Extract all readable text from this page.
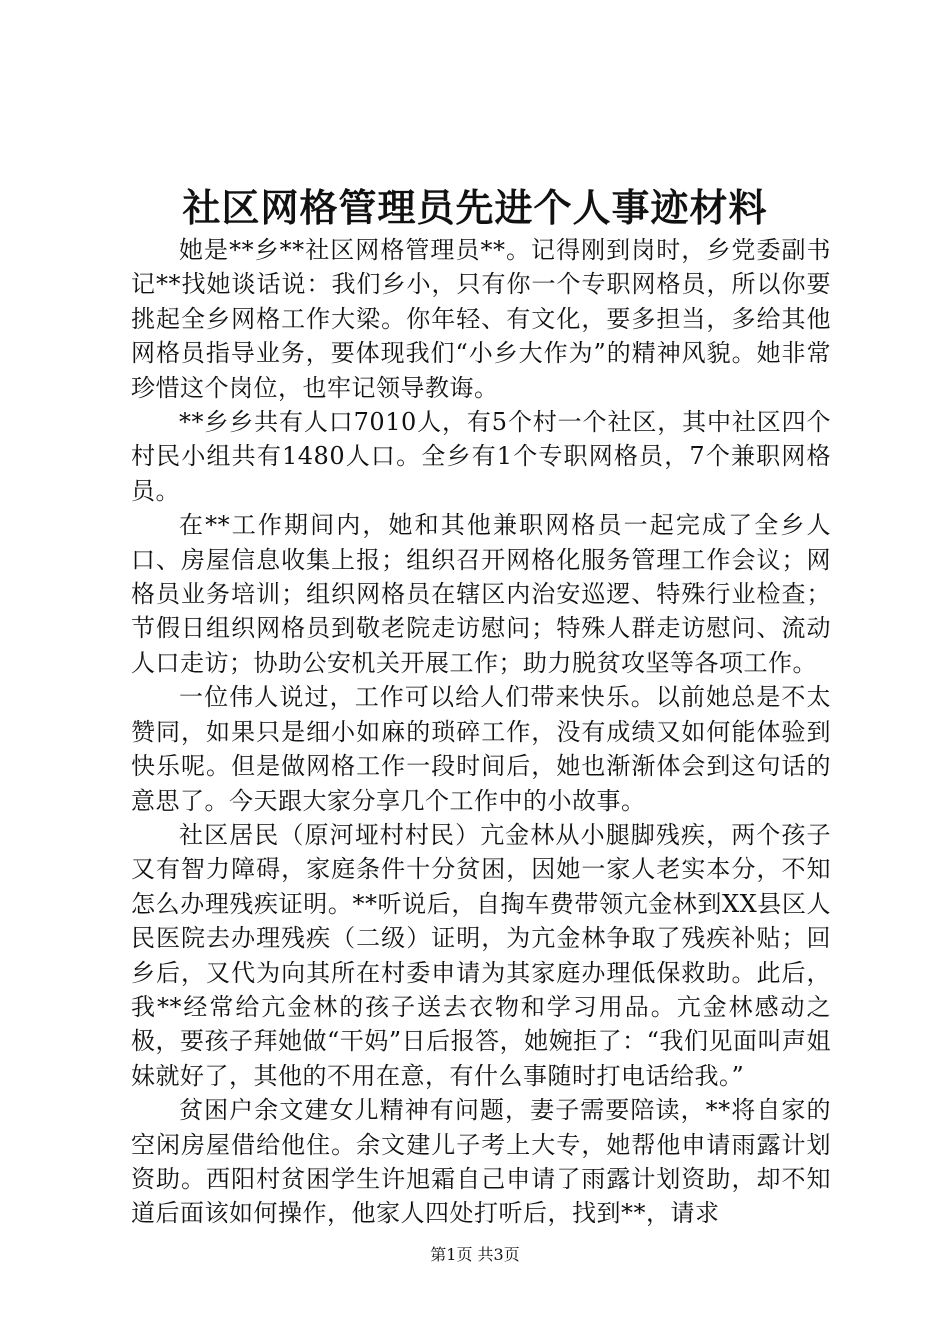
社区网格管理员先进个人事迹材料

她是**乡**社区网格管理员**。记得刚到岗时，乡党委副书记**找她谈话说：我们乡小，只有你一个专职网格员，所以你要挑起全乡网格工作大梁。你年轻、有文化，要多担当，多给其他网格员指导业务，要体现我们“小乡大作为”的精神风貌。她非常珍惜这个岗位，也牢记领导教诲。

**乡乡共有人口7010人，有5个村一个社区，其中社区四个村民小组共有1480人口。全乡有1个专职网格员，7个兼职网格员。

在**工作期间内，她和其他兼职网格员一起完成了全乡人口、房屋信息收集上报；组织召开网格化服务管理工作会议；网格员业务培训；组织网格员在辖区内治安巡逻、特殊行业检查；节假日组织网格员到敬老院走访慰问；特殊人群走访慰问、流动人口走访；协助公安机关开展工作；助力脱贫攻坚等各项工作。

一位伟人说过，工作可以给人们带来快乐。以前她总是不太赞同，如果只是细小如麻的琐碎工作，没有成绩又如何能体验到快乐呢。但是做网格工作一段时间后，她也渐渐体会到这句话的意思了。今天跟大家分享几个工作中的小故事。

社区居民（原河垭村村民）亢金林从小腿脚残疾，两个孩子又有智力障碍，家庭条件十分贫困，因她一家人老实本分，不知怎么办理残疾证明。**听说后，自掏车费带领亢金林到XX县区人民医院去办理残疾（二级）证明，为亢金林争取了残疾补贴；回乡后，又代为向其所在村委申请为其家庭办理低保救助。此后，我**经常给亢金林的孩子送去衣物和学习用品。亢金林感动之极，要孩子拜她做“干妈”日后报答，她婉拒了：“我们见面叫声姐妹就好了，其他的不用在意，有什么事随时打电话给我。”

贫困户余文建女儿精神有问题，妻子需要陪读，**将自家的空闲房屋借给他住。余文建儿子考上大专，她帮他申请雨露计划资助。西阳村贫困学生许旭霜自己申请了雨露计划资助，却不知道后面该如何操作，他家人四处打听后，找到**，请求

第1页 共3页
